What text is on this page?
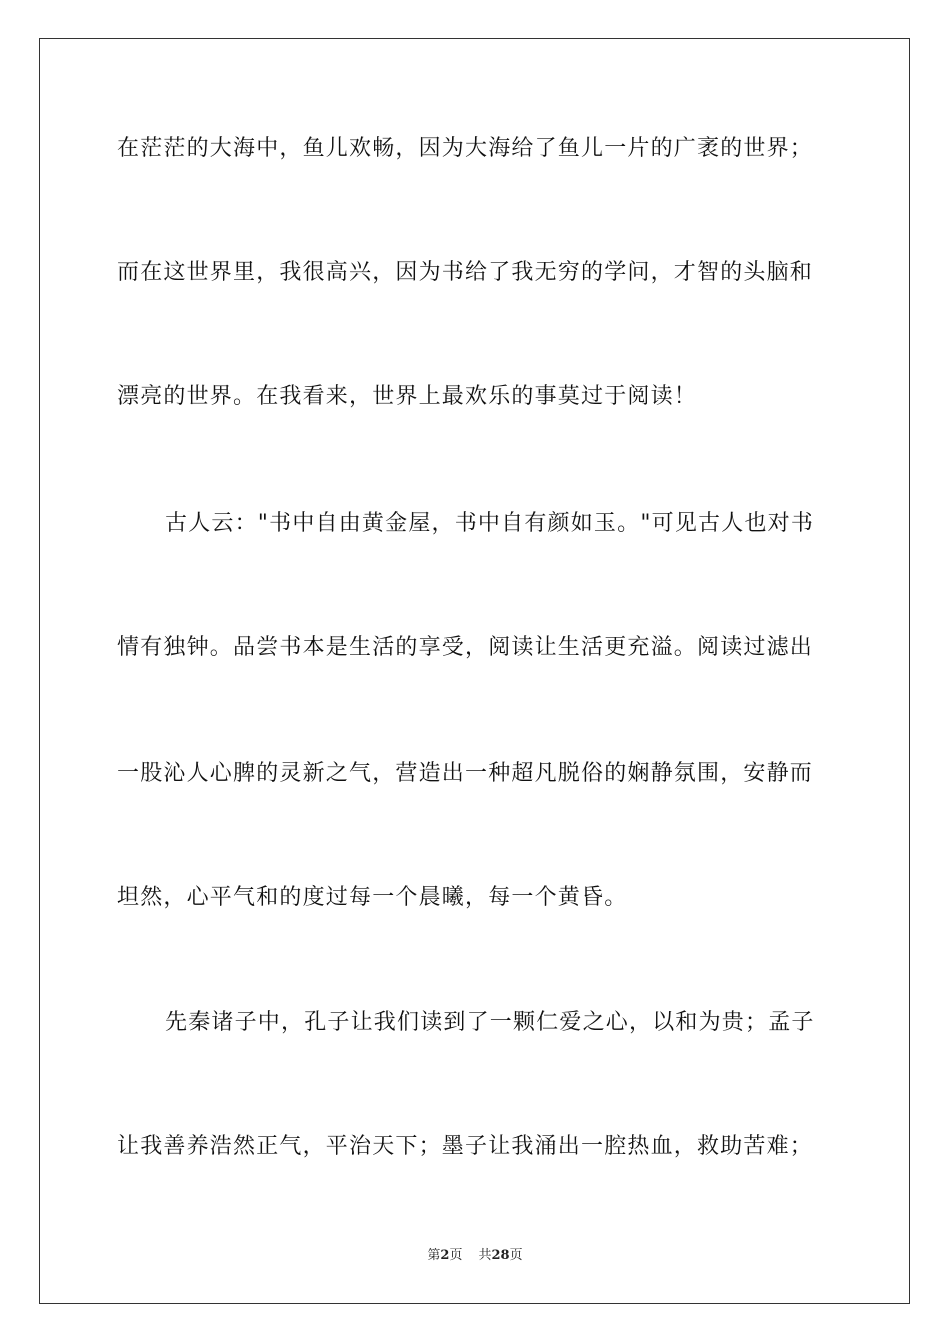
在茫茫的大海中，鱼儿欢畅，因为大海给了鱼儿一片的广袤的世界；
而在这世界里，我很高兴，因为书给了我无穷的学问，才智的头脑和
漂亮的世界。在我看来，世界上最欢乐的事莫过于阅读！
古人云："书中自由黄金屋，书中自有颜如玉。"可见古人也对书
情有独钟。品尝书本是生活的享受，阅读让生活更充溢。阅读过滤出
一股沁人心脾的灵新之气，营造出一种超凡脱俗的娴静氛围，安静而
坦然，心平气和的度过每一个晨曦，每一个黄昏。
先秦诸子中，孔子让我们读到了一颗仁爱之心，以和为贵；孟子
让我善养浩然正气，平治天下；墨子让我涌出一腔热血，救助苦难；
第2页 共28页
